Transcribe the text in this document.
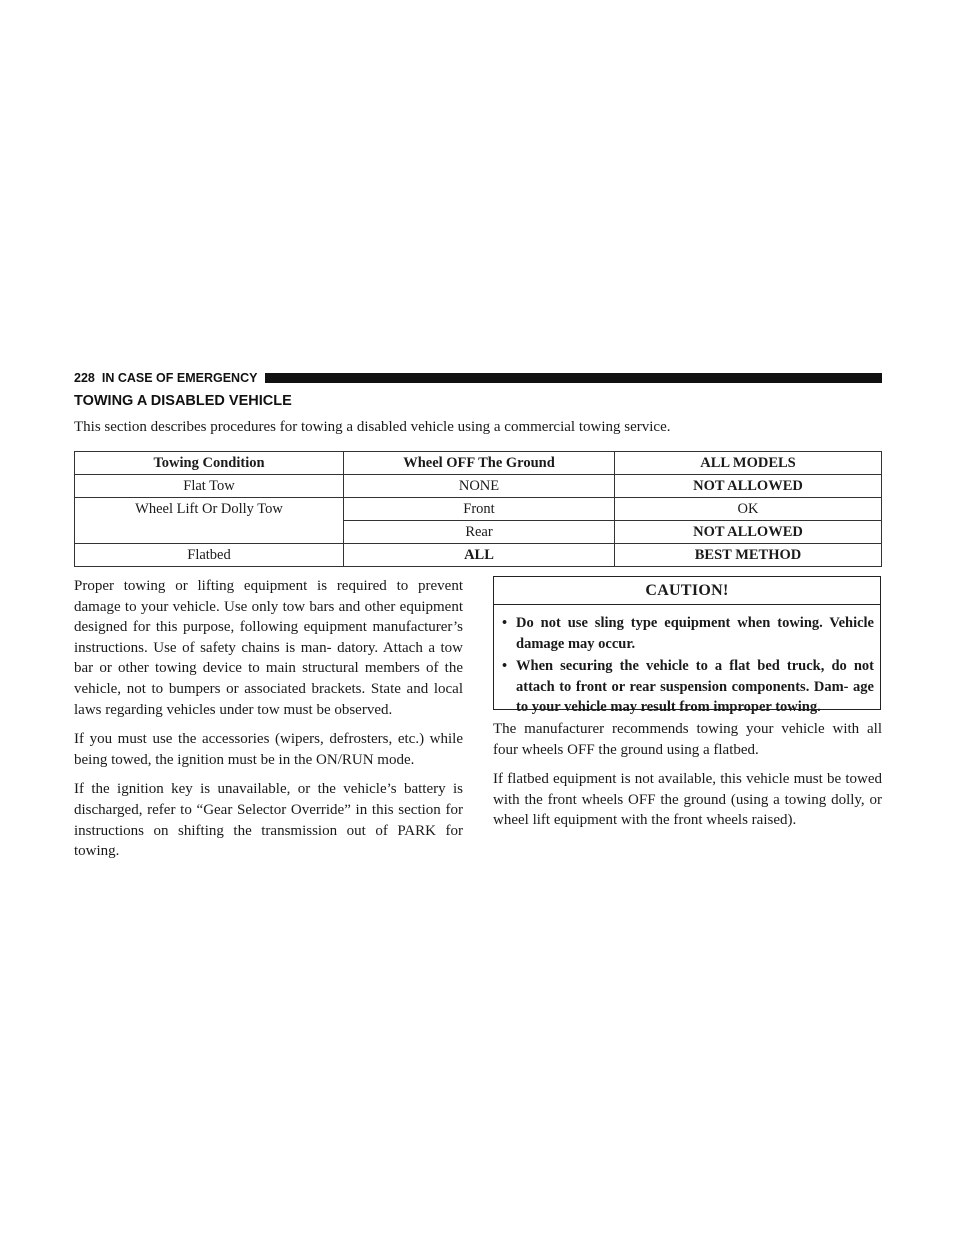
228 IN CASE OF EMERGENCY
TOWING A DISABLED VEHICLE

This section describes procedures for towing a disabled vehicle using a commercial towing service.

Towing Condition	Wheel OFF The Ground	ALL MODELS
Flat Tow	NONE	NOT ALLOWED
Wheel Lift Or Dolly Tow	Front	OK
	Rear	NOT ALLOWED
Flatbed	ALL	BEST METHOD

Proper towing or lifting equipment is required to prevent damage to your vehicle. Use only tow bars and other equipment designed for this purpose, following equipment manufacturer’s instructions. Use of safety chains is man- datory. Attach a tow bar or other towing device to main structural members of the vehicle, not to bumpers or associated brackets. State and local laws regarding vehicles under tow must be observed.

If you must use the accessories (wipers, defrosters, etc.) while being towed, the ignition must be in the ON/RUN mode.

If the ignition key is unavailable, or the vehicle’s battery is discharged, refer to “Gear Selector Override” in this section for instructions on shifting the transmission out of PARK for towing.

CAUTION!
• Do not use sling type equipment when towing. Vehicle damage may occur.
• When securing the vehicle to a flat bed truck, do not attach to front or rear suspension components. Dam- age to your vehicle may result from improper towing.

The manufacturer recommends towing your vehicle with all four wheels OFF the ground using a flatbed.

If flatbed equipment is not available, this vehicle must be towed with the front wheels OFF the ground (using a towing dolly, or wheel lift equipment with the front wheels raised).
